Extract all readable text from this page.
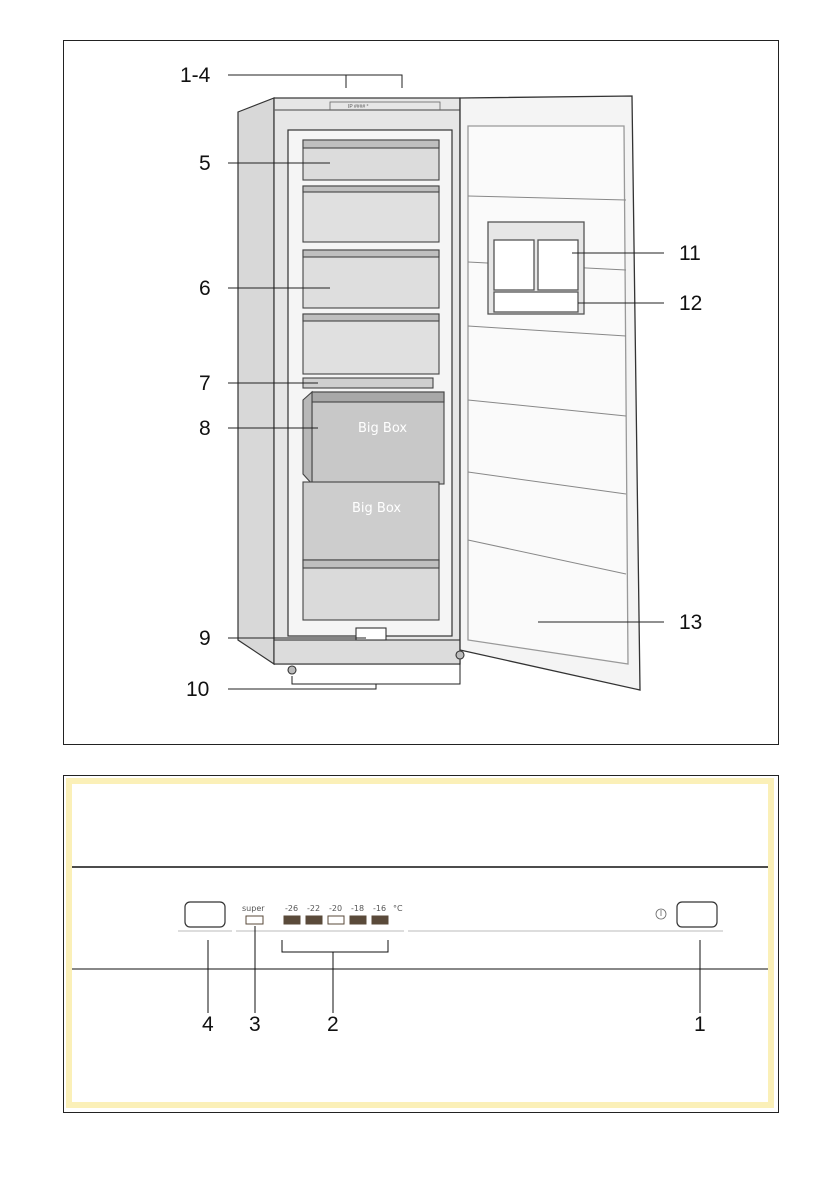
IP #### °
Big Box
Big Box
1-4
5
6
7
8
9
10
11
12
13
super	°C
-26 -22 -20 -18 -16
4 3	2	1
